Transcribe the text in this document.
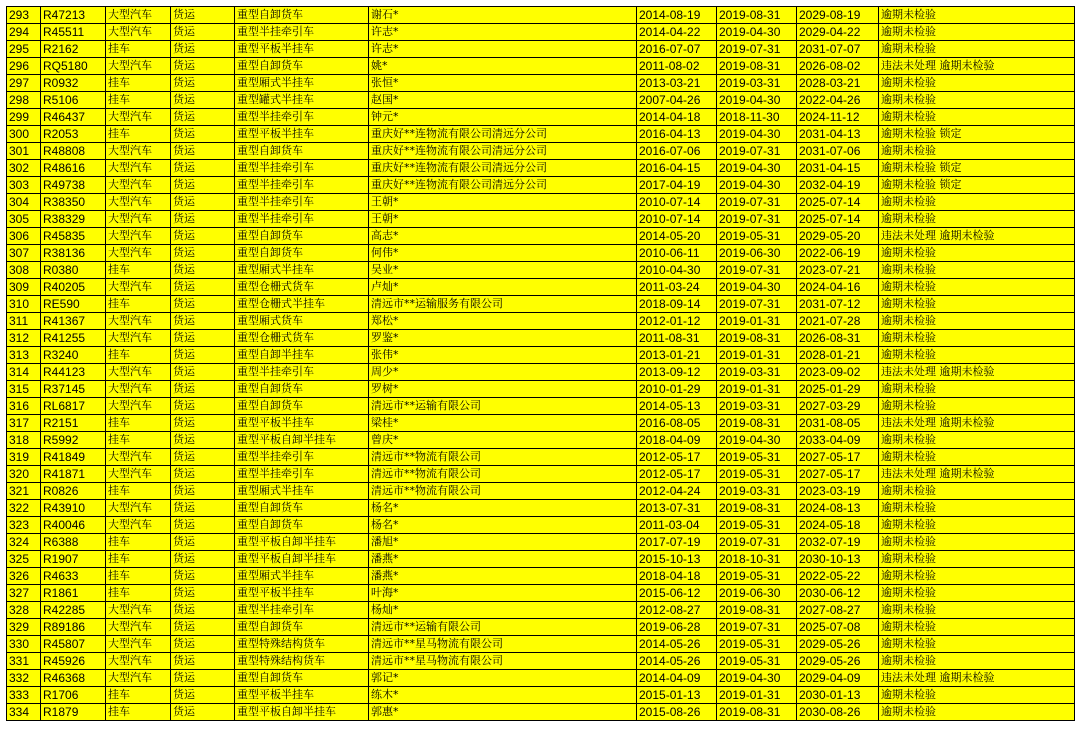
293	R47213	大型汽车	货运	重型自卸货车	谢石*	2014-08-19	2019-08-31	2029-08-19	逾期未检验
294	R45511	大型汽车	货运	重型半挂牵引车	许志*	2014-04-22	2019-04-30	2029-04-22	逾期未检验
295	R2162	挂车	货运	重型平板半挂车	许志*	2016-07-07	2019-07-31	2031-07-07	逾期未检验
296	RQ5180	大型汽车	货运	重型自卸货车	姚*	2011-08-02	2019-08-31	2026-08-02	违法未处理 逾期未检验
297	R0932	挂车	货运	重型厢式半挂车	张恒*	2013-03-21	2019-03-31	2028-03-21	逾期未检验
298	R5106	挂车	货运	重型罐式半挂车	赵国*	2007-04-26	2019-04-30	2022-04-26	逾期未检验
299	R46437	大型汽车	货运	重型半挂牵引车	钟元*	2014-04-18	2018-11-30	2024-11-12	逾期未检验
300	R2053	挂车	货运	重型平板半挂车	重庆好**连物流有限公司清远分公司	2016-04-13	2019-04-30	2031-04-13	逾期未检验 锁定
301	R48808	大型汽车	货运	重型自卸货车	重庆好**连物流有限公司清远分公司	2016-07-06	2019-07-31	2031-07-06	逾期未检验
302	R48616	大型汽车	货运	重型半挂牵引车	重庆好**连物流有限公司清远分公司	2016-04-15	2019-04-30	2031-04-15	逾期未检验 锁定
303	R49738	大型汽车	货运	重型半挂牵引车	重庆好**连物流有限公司清远分公司	2017-04-19	2019-04-30	2032-04-19	逾期未检验 锁定
304	R38350	大型汽车	货运	重型半挂牵引车	王朝*	2010-07-14	2019-07-31	2025-07-14	逾期未检验
305	R38329	大型汽车	货运	重型半挂牵引车	王朝*	2010-07-14	2019-07-31	2025-07-14	逾期未检验
306	R45835	大型汽车	货运	重型自卸货车	高志*	2014-05-20	2019-05-31	2029-05-20	违法未处理 逾期未检验
307	R38136	大型汽车	货运	重型自卸货车	何伟*	2010-06-11	2019-06-30	2022-06-19	逾期未检验
308	R0380	挂车	货运	重型厢式半挂车	吴业*	2010-04-30	2019-07-31	2023-07-21	逾期未检验
309	R40205	大型汽车	货运	重型仓栅式货车	卢灿*	2011-03-24	2019-04-30	2024-04-16	逾期未检验
310	RE590	挂车	货运	重型仓栅式半挂车	清远市**运输服务有限公司	2018-09-14	2019-07-31	2031-07-12	逾期未检验
311	R41367	大型汽车	货运	重型厢式货车	郑松*	2012-01-12	2019-01-31	2021-07-28	逾期未检验
312	R41255	大型汽车	货运	重型仓栅式货车	罗鉴*	2011-08-31	2019-08-31	2026-08-31	逾期未检验
313	R3240	挂车	货运	重型自卸半挂车	张伟*	2013-01-21	2019-01-31	2028-01-21	逾期未检验
314	R44123	大型汽车	货运	重型半挂牵引车	周少*	2013-09-12	2019-03-31	2023-09-02	违法未处理 逾期未检验
315	R37145	大型汽车	货运	重型自卸货车	罗树*	2010-01-29	2019-01-31	2025-01-29	逾期未检验
316	RL6817	大型汽车	货运	重型自卸货车	清远市**运输有限公司	2014-05-13	2019-03-31	2027-03-29	逾期未检验
317	R2151	挂车	货运	重型平板半挂车	梁桂*	2016-08-05	2019-08-31	2031-08-05	违法未处理 逾期未检验
318	R5992	挂车	货运	重型平板自卸半挂车	曾庆*	2018-04-09	2019-04-30	2033-04-09	逾期未检验
319	R41849	大型汽车	货运	重型半挂牵引车	清远市**物流有限公司	2012-05-17	2019-05-31	2027-05-17	逾期未检验
320	R41871	大型汽车	货运	重型半挂牵引车	清远市**物流有限公司	2012-05-17	2019-05-31	2027-05-17	违法未处理 逾期未检验
321	R0826	挂车	货运	重型厢式半挂车	清远市**物流有限公司	2012-04-24	2019-03-31	2023-03-19	逾期未检验
322	R43910	大型汽车	货运	重型自卸货车	杨名*	2013-07-31	2019-08-31	2024-08-13	逾期未检验
323	R40046	大型汽车	货运	重型自卸货车	杨名*	2011-03-04	2019-05-31	2024-05-18	逾期未检验
324	R6388	挂车	货运	重型平板自卸半挂车	潘旭*	2017-07-19	2019-07-31	2032-07-19	逾期未检验
325	R1907	挂车	货运	重型平板自卸半挂车	潘燕*	2015-10-13	2018-10-31	2030-10-13	逾期未检验
326	R4633	挂车	货运	重型厢式半挂车	潘燕*	2018-04-18	2019-05-31	2022-05-22	逾期未检验
327	R1861	挂车	货运	重型平板半挂车	叶海*	2015-06-12	2019-06-30	2030-06-12	逾期未检验
328	R42285	大型汽车	货运	重型半挂牵引车	杨灿*	2012-08-27	2019-08-31	2027-08-27	逾期未检验
329	R89186	大型汽车	货运	重型自卸货车	清远市**运输有限公司	2019-06-28	2019-07-31	2025-07-08	逾期未检验
330	R45807	大型汽车	货运	重型特殊结构货车	清远市**星马物流有限公司	2014-05-26	2019-05-31	2029-05-26	逾期未检验
331	R45926	大型汽车	货运	重型特殊结构货车	清远市**星马物流有限公司	2014-05-26	2019-05-31	2029-05-26	逾期未检验
332	R46368	大型汽车	货运	重型自卸货车	郭记*	2014-04-09	2019-04-30	2029-04-09	违法未处理 逾期未检验
333	R1706	挂车	货运	重型平板半挂车	练木*	2015-01-13	2019-01-31	2030-01-13	逾期未检验
334	R1879	挂车	货运	重型平板自卸半挂车	郭惠*	2015-08-26	2019-08-31	2030-08-26	逾期未检验
